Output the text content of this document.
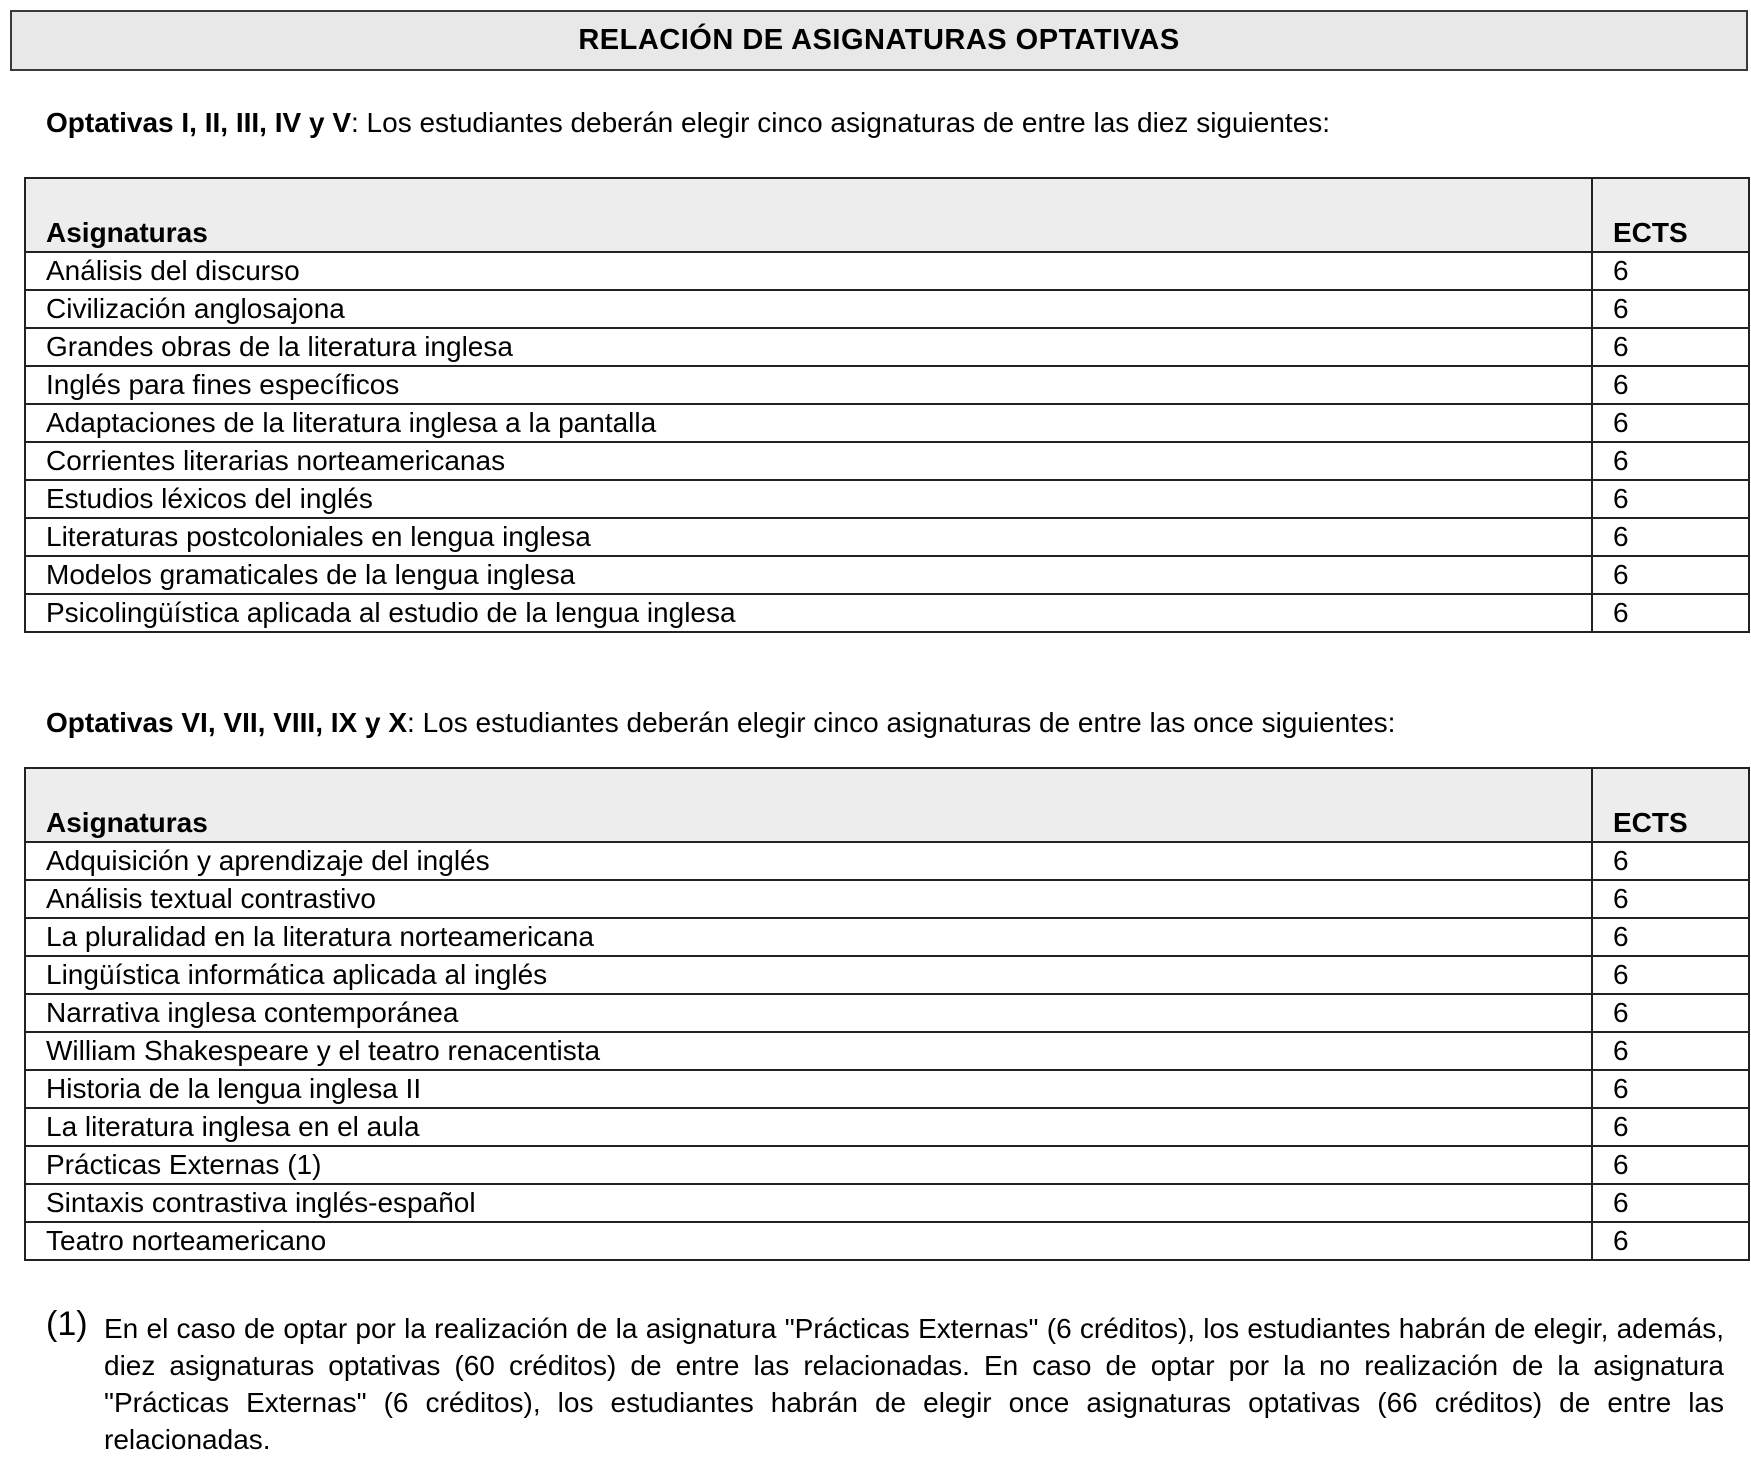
RELACIÓN DE ASIGNATURAS OPTATIVAS
Optativas I, II, III, IV y V: Los estudiantes deberán elegir cinco asignaturas de entre las diez siguientes:
Asignaturas	ECTS
Análisis del discurso	6
Civilización anglosajona	6
Grandes obras de la literatura inglesa	6
Inglés para fines específicos	6
Adaptaciones de la literatura inglesa a la pantalla	6
Corrientes literarias norteamericanas	6
Estudios léxicos del inglés	6
Literaturas postcoloniales en lengua inglesa	6
Modelos gramaticales de la lengua inglesa	6
Psicolingüística aplicada al estudio de la lengua inglesa	6
Optativas VI, VII, VIII, IX y X: Los estudiantes deberán elegir cinco asignaturas de entre las once siguientes:
Asignaturas	ECTS
Adquisición y aprendizaje del inglés	6
Análisis textual contrastivo	6
La pluralidad en la literatura norteamericana	6
Lingüística informática aplicada al inglés	6
Narrativa inglesa contemporánea	6
William Shakespeare y el teatro renacentista	6
Historia de la lengua inglesa II	6
La literatura inglesa en el aula	6
Prácticas Externas (1)	6
Sintaxis contrastiva inglés-español	6
Teatro norteamericano	6
(1) En el caso de optar por la realización de la asignatura "Prácticas Externas" (6 créditos), los estudiantes habrán de elegir, además, diez asignaturas optativas (60 créditos) de entre las relacionadas. En caso de optar por la no realización de la asignatura "Prácticas Externas" (6 créditos), los estudiantes habrán de elegir once asignaturas optativas (66 créditos) de entre las relacionadas.
